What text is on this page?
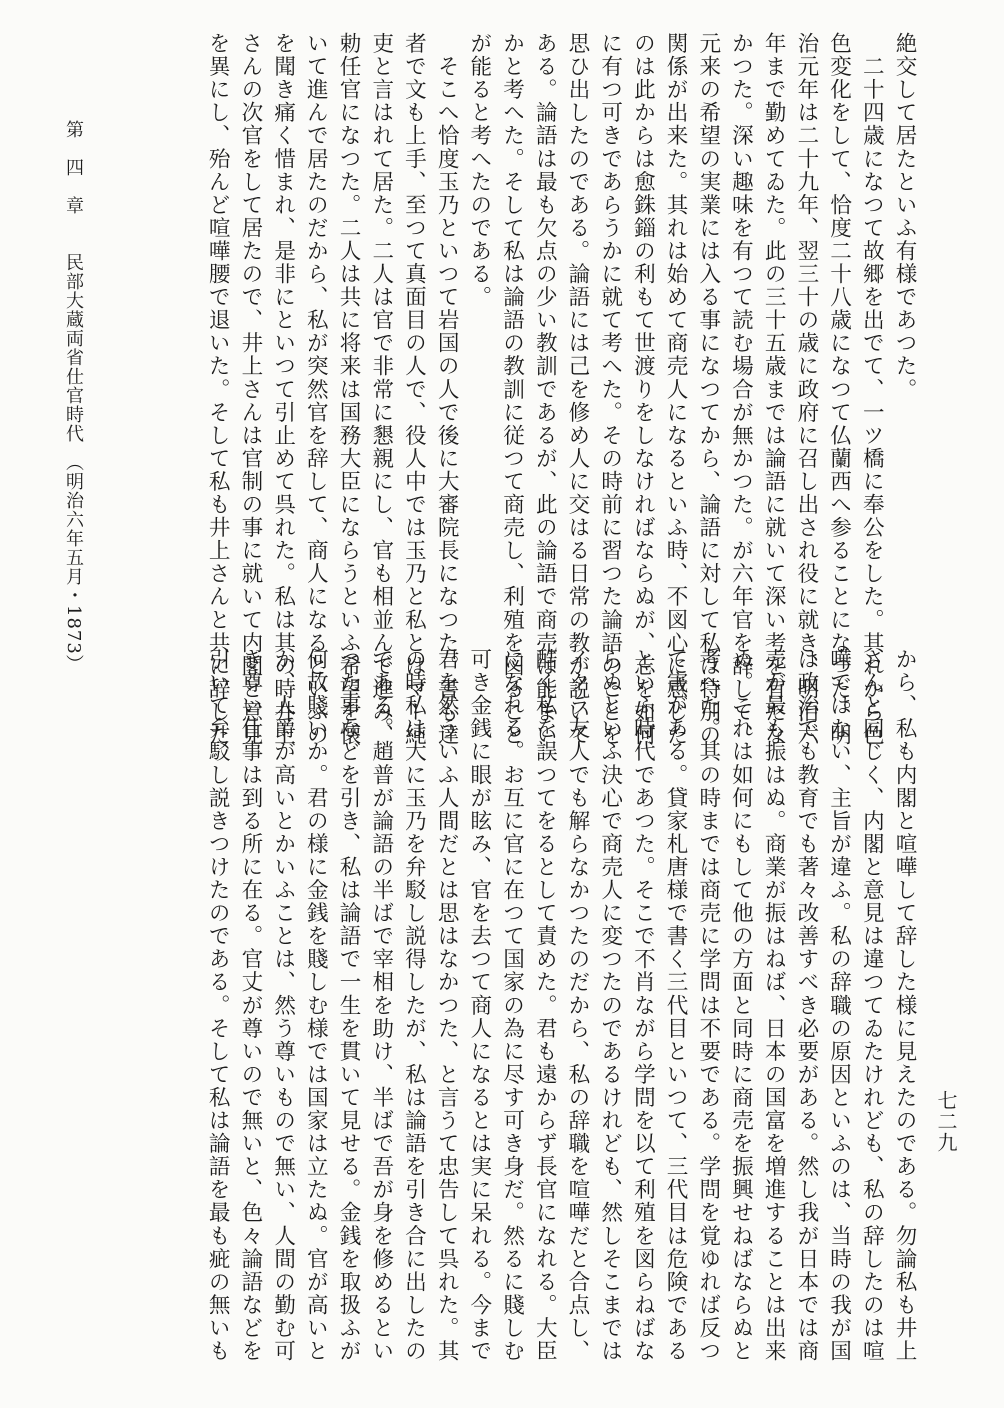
絶交して居たといふ有様であつた。
　二十四歳になつて故郷を出でて、一ツ橋に奉公をした。其れから色
色変化をして、恰度二十八歳になつて仏蘭西へ参ることになつた。明
治元年は二十九年、翌三十の歳に政府に召し出され役に就き、明治六
年まで勤めてゐた。此の三十五歳までは論語に就いて深い考を有たな
かつた。深い趣味を有つて読む場合が無かつた。が六年官を辞して、
元来の希望の実業には入る事になつてから、論語に対して私は特別の
関係が出来た。其れは始めて商売人になるといふ時、不図心に感じた
のは此からは愈銖錙の利もて世渡りをしなければならぬが、志を如何
に有つ可きであらうかに就て考へた。その時前に習つた論語のことを
思ひ出したのである。論語には己を修め人に交はる日常の教が説いて
ある。論語は最も欠点の少い教訓であるが、此の論語で商売は能まい
かと考へた。そして私は論語の教訓に従つて商売し、利殖を図ること
が能ると考へたのである。
　そこへ恰度玉乃といつて岩国の人で後に大審院長になつた。書も達
者で文も上手、至つて真面目の人で、役人中では玉乃と私とはマー純
吏と言はれて居た。二人は官で非常に懇親にし、官も相並んで進み、
勅任官になつた。二人は共に将来は国務大臣にならうといふ希望を懐
いて進んで居たのだから、私が突然官を辞して、商人になるといふの
を聞き痛く惜まれ、是非にといつて引止めて呉れた。私は其の時井上
さんの次官をして居たので、井上さんは官制の事に就いて内閣と意見
を異にし、殆んど喧嘩腰で退いた。そして私も井上さんと共に辞した
から、私も内閣と喧嘩して辞した様に見えたのである。勿論私も井上
さんと同じく、内閣と意見は違つてゐたけれども、私の辞したのは喧
嘩ではない、主旨が違ふ。私の辞職の原因といふのは、当時の我が国
は政治でも教育でも著々改善すべき必要がある。然し我が日本では商
売が最も振はぬ。商業が振はねば、日本の国富を増進することは出来
ぬ。これは如何にもして他の方面と同時に商売を振興せねばならぬと
考へた。其の時までは商売に学問は不要である。学問を覚ゆれば反つ
て害がある。貸家札唐様で書く三代目といつて、三代目は危険である
といふ時代であつた。そこで不肖ながら学問を以て利殖を図らねばな
らぬといふ決心で商売人に変つたのであるけれども、然しそこまでは
イクラ友人でも解らなかつたのだから、私の辞職を喧嘩だと合点し、
酷く私を誤つてをるとして責めた。君も遠からず長官になれる。大臣
になれる。お互に官に在つて国家の為に尽す可き身だ。然るに賤しむ
可き金銭に眼が眩み、官を去つて商人になるとは実に呆れる。今まで
君を然ういふ人間だとは思はなかつた、と言うて忠告して呉れた。其
の時私は大に玉乃を弁駁し説得したが、私は論語を引き合に出したの
である。趙普が論語の半ばで宰相を助け、半ばで吾が身を修めるとい
つた事などを引き、私は論語で一生を貫いて見せる。金銭を取扱ふが
何故賤いか。君の様に金銭を賤しむ様では国家は立たぬ。官が高いと
か、人爵が高いとかいふことは、然う尊いもので無い、人間の勤む可
き尊い仕事は到る所に在る。官丈が尊いので無いと、色々論語などを
引いて弁駁し説きつけたのである。そして私は論語を最も疵の無いも
第　四　章　　民部大蔵両省仕官時代　（明治六年五月・1873）
七二九
